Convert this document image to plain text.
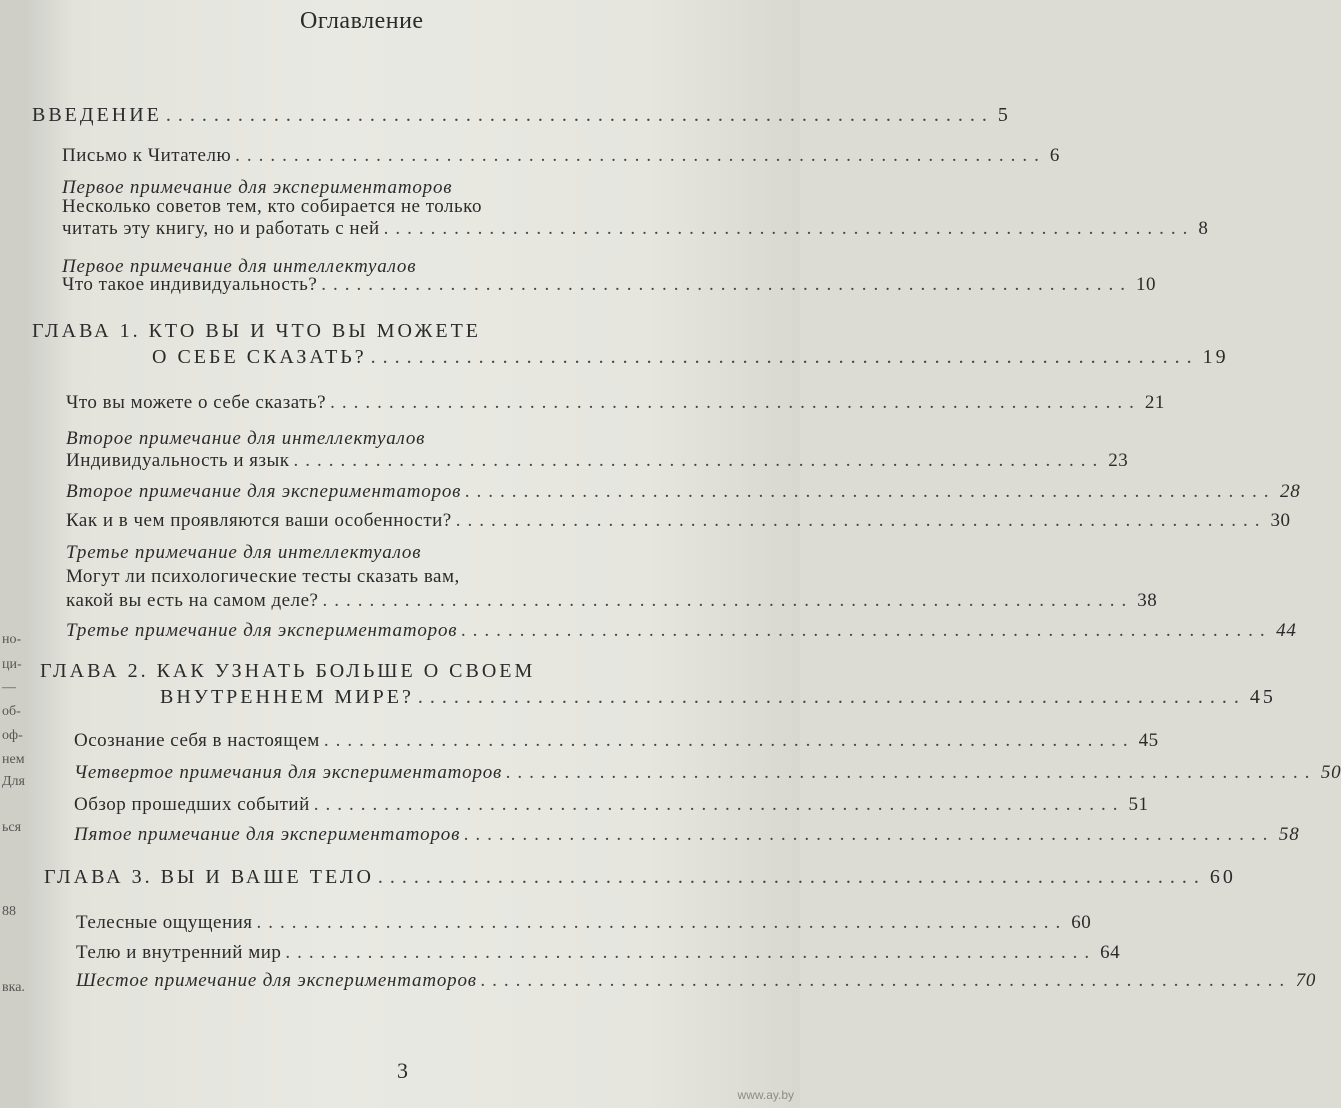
но-
ци-
—
об-
оф-
нем
Для
ься
88
вка.
Оглавление
ВВЕДЕНИЕ ..................................................................... 5
Письмо к Читателю ..................................................................... 6
Первое примечание для экспериментаторов
Несколько советов тем, кто собирается не только
читать эту книгу, но и работать с ней ..................................................................... 8
Первое примечание для интеллектуалов
Что такое индивидуальность? ..................................................................... 10
ГЛАВА 1. КТО ВЫ И ЧТО ВЫ МОЖЕТЕ
О СЕБЕ СКАЗАТЬ? ..................................................................... 19
Что вы можете о себе сказать? ..................................................................... 21
Второе примечание для интеллектуалов
Индивидуальность и язык ..................................................................... 23
Второе примечание для экспериментаторов ..................................................................... 28
Как и в чем проявляются ваши особенности? ..................................................................... 30
Третье примечание для интеллектуалов
Могут ли психологические тесты сказать вам,
какой вы есть на самом деле? ..................................................................... 38
Третье примечание для экспериментаторов ..................................................................... 44
ГЛАВА 2. КАК УЗНАТЬ БОЛЬШЕ О СВОЕМ
ВНУТРЕННЕМ МИРЕ? ..................................................................... 45
Осознание себя в настоящем ..................................................................... 45
Четвертое примечания для экспериментаторов ..................................................................... 50
Обзор прошедших событий ..................................................................... 51
Пятое примечание для экспериментаторов ..................................................................... 58
ГЛАВА 3. ВЫ И ВАШЕ ТЕЛО ..................................................................... 60
Телесные ощущения ..................................................................... 60
Телю и внутренний мир ..................................................................... 64
Шестое примечание для экспериментаторов ..................................................................... 70
3
www.ay.by
